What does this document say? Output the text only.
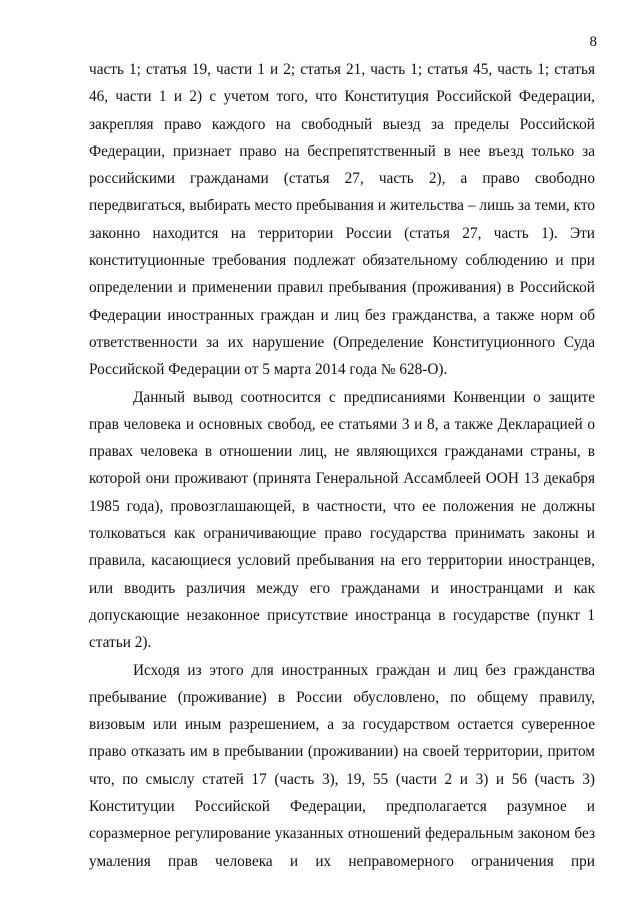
8

часть 1; статья 19, части 1 и 2; статья 21, часть 1; статья 45, часть 1; статья 46, части 1 и 2) с учетом того, что Конституция Российской Федерации, закрепляя право каждого на свободный выезд за пределы Российской Федерации, признает право на беспрепятственный в нее въезд только за российскими гражданами (статья 27, часть 2), а право свободно передвигаться, выбирать место пребывания и жительства – лишь за теми, кто законно находится на территории России (статья 27, часть 1). Эти конституционные требования подлежат обязательному соблюдению и при определении и применении правил пребывания (проживания) в Российской Федерации иностранных граждан и лиц без гражданства, а также норм об ответственности за их нарушение (Определение Конституционного Суда Российской Федерации от 5 марта 2014 года № 628-О).

Данный вывод соотносится с предписаниями Конвенции о защите прав человека и основных свобод, ее статьями 3 и 8, а также Декларацией о правах человека в отношении лиц, не являющихся гражданами страны, в которой они проживают (принята Генеральной Ассамблеей ООН 13 декабря 1985 года), провозглашающей, в частности, что ее положения не должны толковаться как ограничивающие право государства принимать законы и правила, касающиеся условий пребывания на его территории иностранцев, или вводить различия между его гражданами и иностранцами и как допускающие незаконное присутствие иностранца в государстве (пункт 1 статьи 2).

Исходя из этого для иностранных граждан и лиц без гражданства пребывание (проживание) в России обусловлено, по общему правилу, визовым или иным разрешением, а за государством остается суверенное право отказать им в пребывании (проживании) на своей территории, притом что, по смыслу статей 17 (часть 3), 19, 55 (части 2 и 3) и 56 (часть 3) Конституции Российской Федерации, предполагается разумное и соразмерное регулирование указанных отношений федеральным законом без умаления прав человека и их неправомерного ограничения при
